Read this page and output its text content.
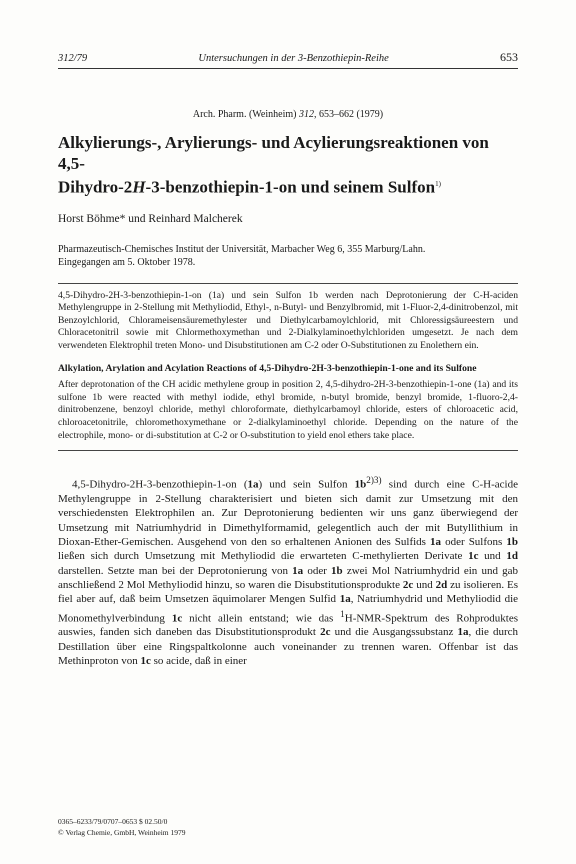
312/79	Untersuchungen in der 3-Benzothiepin-Reihe	653
Arch. Pharm. (Weinheim) 312, 653–662 (1979)
Alkylierungs-, Arylierungs- und Acylierungsreaktionen von 4,5-
Dihydro-2H-3-benzothiepin-1-on und seinem Sulfon$^{1)}$
Horst Böhme* und Reinhard Malcherek
Pharmazeutisch-Chemisches Institut der Universität, Marbacher Weg 6, 355 Marburg/Lahn.
Eingegangen am 5. Oktober 1978.
4,5-Dihydro-2H-3-benzothiepin-1-on (1a) und sein Sulfon 1b werden nach Deprotonierung der C-H-aciden Methylengruppe in 2-Stellung mit Methyliodid, Ethyl-, n-Butyl- und Benzylbromid, mit 1-Fluor-2,4-dinitrobenzol, mit Benzoylchlorid, Chlorameisensäuremethylester und Diethylcarbamoylchlorid, mit Chloressigsäureestern und Chloracetonitril sowie mit Chlormethoxymethan und 2-Dialkylaminoethylchloriden umgesetzt. Je nach dem verwendeten Elektrophil treten Mono- und Disubstitutionen am C-2 oder O-Substitutionen zu Enolethern ein.
Alkylation, Arylation and Acylation Reactions of 4,5-Dihydro-2H-3-benzothiepin-1-one and its Sulfone
After deprotonation of the CH acidic methylene group in position 2, 4,5-dihydro-2H-3-benzothiepin-1-one (1a) and its sulfone 1b were reacted with methyl iodide, ethyl bromide, n-butyl bromide, benzyl bromide, 1-fluoro-2,4-dinitrobenzene, benzoyl chloride, methyl chloroformate, diethylcarbamoyl chloride, esters of chloroacetic acid, chloroacetonitrile, chloromethoxymethane or 2-dialkylaminoethyl chloride. Depending on the nature of the electrophile, mono- or di-substitution at C-2 or O-substitution to yield enol ethers take place.
4,5-Dihydro-2H-3-benzothiepin-1-on (1a) und sein Sulfon $1b^{2)3)}$ sind durch eine C-H-acide Methylengruppe in 2-Stellung charakterisiert und bieten sich damit zur Umsetzung mit den verschiedensten Elektrophilen an. Zur Deprotonierung bedienten wir uns ganz überwiegend der Umsetzung mit Natriumhydrid in Dimethylformamid, gelegentlich auch der mit Butyllithium in Dioxan-Ether-Gemischen. Ausgehend von den so erhaltenen Anionen des Sulfids 1a oder Sulfons 1b ließen sich durch Umsetzung mit Methyliodid die erwarteten C-methylierten Derivate 1c und 1d darstellen. Setzte man bei der Deprotonierung von 1a oder 1b zwei Mol Natriumhydrid ein und gab anschließend 2 Mol Methyliodid hinzu, so waren die Disubstitutionsprodukte 2c und 2d zu isolieren. Es fiel aber auf, daß beim Umsetzen äquimolarer Mengen Sulfid 1a, Natriumhydrid und Methyliodid die Monomethylverbindung 1c nicht allein entstand; wie das $^1$H-NMR-Spektrum des Rohproduktes auswies, fanden sich daneben das Disubstitutionsprodukt 2c und die Ausgangssubstanz 1a, die durch Destillation über eine Ringspaltkolonne auch voneinander zu trennen waren. Offenbar ist das Methinproton von 1c so acide, daß in einer
0365–6233/79/0707–0653 $ 02.50/0
© Verlag Chemie, GmbH, Weinheim 1979
